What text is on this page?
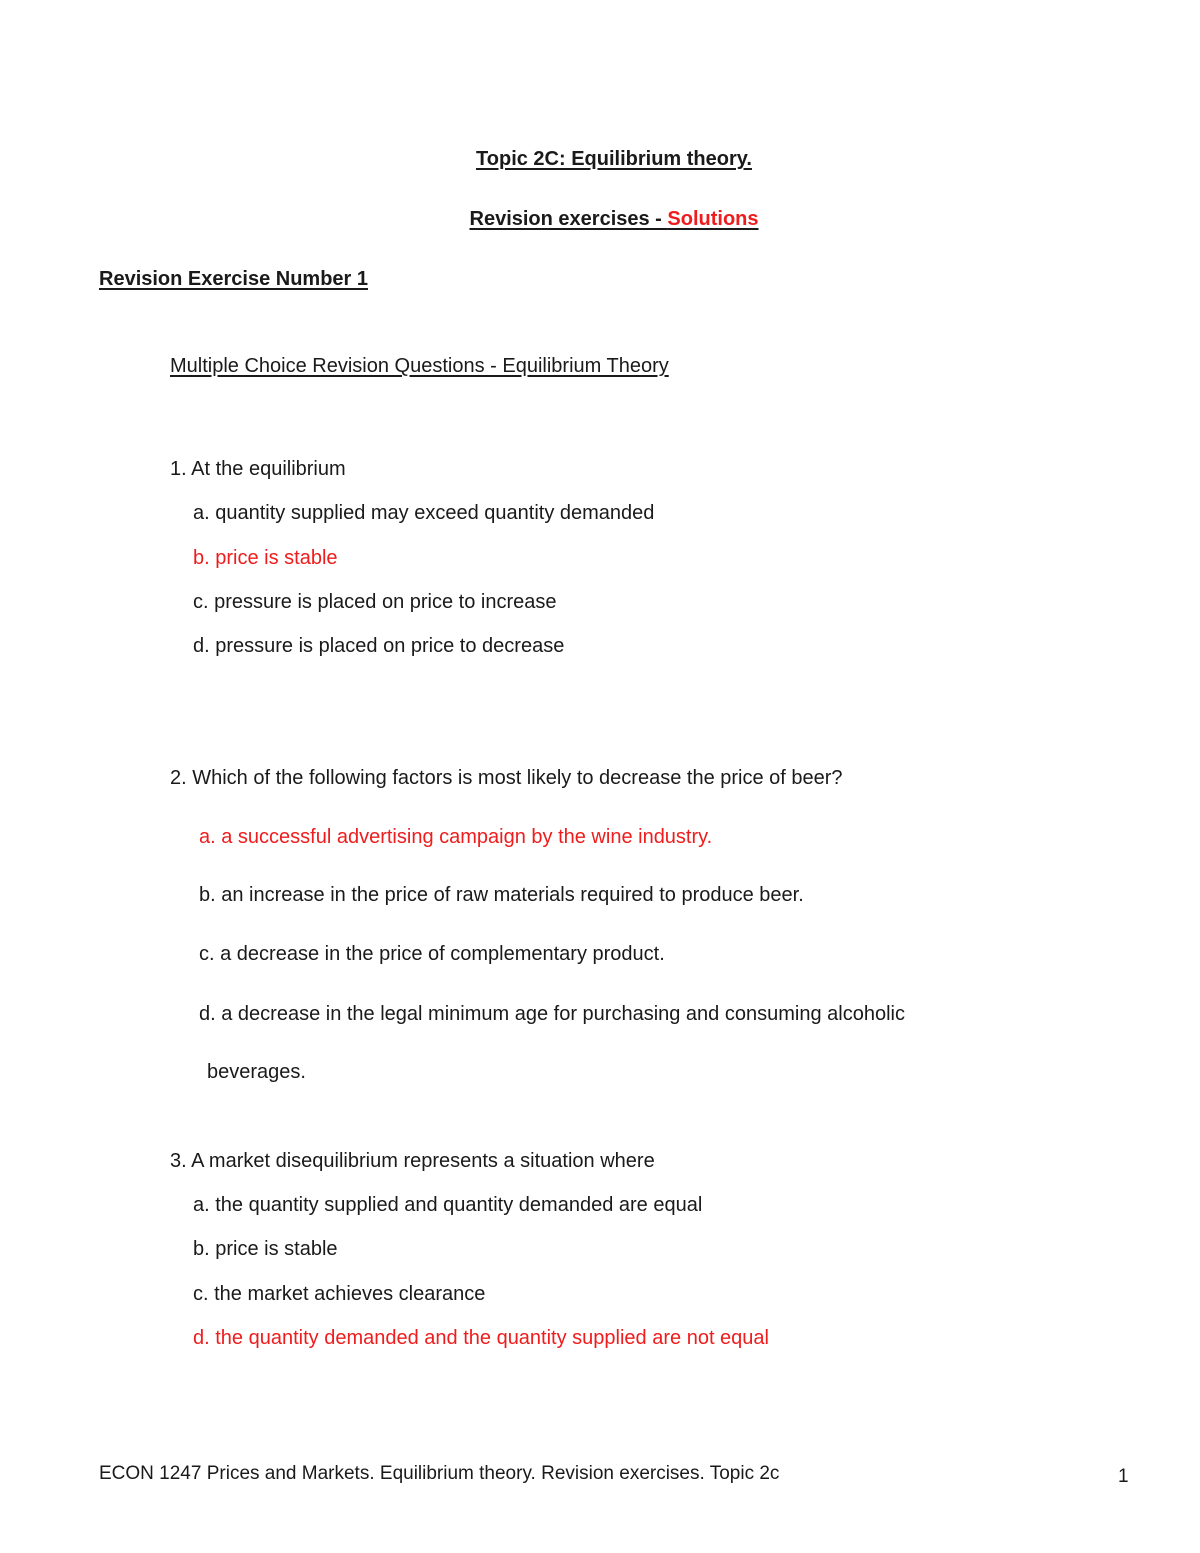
Topic 2C: Equilibrium theory.
Revision exercises - Solutions
Revision Exercise Number 1
Multiple Choice Revision Questions - Equilibrium Theory
1. At the equilibrium
a. quantity supplied may exceed quantity demanded
b. price is stable
c. pressure is placed on price to increase
d. pressure is placed on price to decrease
2. Which of the following factors is most likely to decrease the price of beer?
a. a successful advertising campaign by the wine industry.
b. an increase in the price of raw materials required to produce beer.
c. a decrease in the price of complementary product.
d. a decrease in the legal minimum age for purchasing and consuming alcoholic
beverages.
3. A market disequilibrium represents a situation where
a. the quantity supplied and quantity demanded are equal
b. price is stable
c. the market achieves clearance
d. the quantity demanded and the quantity supplied are not equal
ECON 1247 Prices and Markets. Equilibrium theory. Revision exercises. Topic 2c	1
